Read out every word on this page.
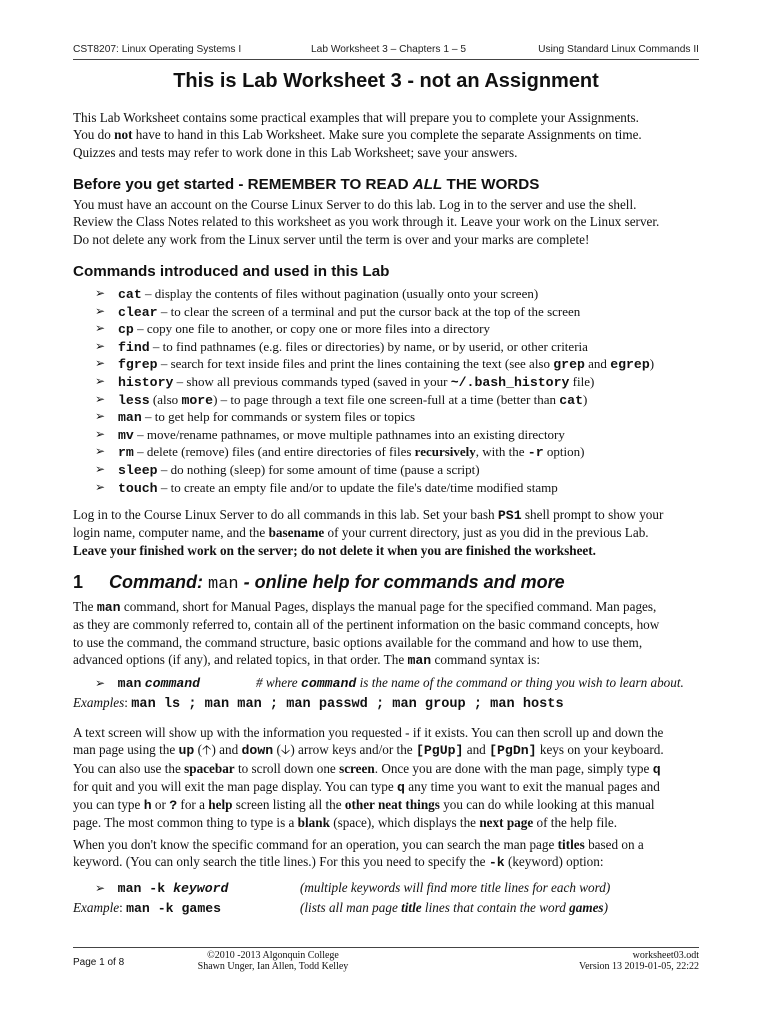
CST8207: Linux Operating Systems I	Lab Worksheet 3 – Chapters 1 – 5	Using Standard Linux Commands II
This is Lab Worksheet 3 - not an Assignment
This Lab Worksheet contains some practical examples that will prepare you to complete your Assignments.
You do not have to hand in this Lab Worksheet. Make sure you complete the separate Assignments on time.
Quizzes and tests may refer to work done in this Lab Worksheet; save your answers.
Before you get started - REMEMBER TO READ ALL THE WORDS
You must have an account on the Course Linux Server to do this lab. Log in to the server and use the shell.
Review the Class Notes related to this worksheet as you work through it. Leave your work on the Linux server.
Do not delete any work from the Linux server until the term is over and your marks are complete!
Commands introduced and used in this Lab
➢ cat – display the contents of files without pagination (usually onto your screen)
➢ clear – to clear the screen of a terminal and put the cursor back at the top of the screen
➢ cp – copy one file to another, or copy one or more files into a directory
➢ find – to find pathnames (e.g. files or directories) by name, or by userid, or other criteria
➢ fgrep – search for text inside files and print the lines containing the text (see also grep and egrep)
➢ history – show all previous commands typed (saved in your ~/.bash_history file)
➢ less (also more) – to page through a text file one screen-full at a time (better than cat)
➢ man – to get help for commands or system files or topics
➢ mv – move/rename pathnames, or move multiple pathnames into an existing directory
➢ rm – delete (remove) files (and entire directories of files recursively, with the -r option)
➢ sleep – do nothing (sleep) for some amount of time (pause a script)
➢ touch – to create an empty file and/or to update the file's date/time modified stamp
Log in to the Course Linux Server to do all commands in this lab. Set your bash PS1 shell prompt to show your
login name, computer name, and the basename of your current directory, just as you did in the previous Lab.
Leave your finished work on the server; do not delete it when you are finished the worksheet.
1 Command: man - online help for commands and more
The man command, short for Manual Pages, displays the manual page for the specified command. Man pages,
as they are commonly referred to, contain all of the pertinent information on the basic command concepts, how
to use the command, the command structure, basic options available for the command and how to use them,
advanced options (if any), and related topics, in that order. The man command syntax is:
➢ man command	# where command is the name of the command or thing you wish to learn about.
Examples: man ls ; man man ; man passwd ; man group ; man hosts
A text screen will show up with the information you requested - if it exists. You can then scroll up and down the
man page using the up (🡡) and down (🡣) arrow keys and/or the [PgUp] and [PgDn] keys on your keyboard.
You can also use the spacebar to scroll down one screen. Once you are done with the man page, simply type q
for quit and you will exit the man page display. You can type q any time you want to exit the manual pages and
you can type h or ? for a help screen listing all the other neat things you can do while looking at this manual
page. The most common thing to type is a blank (space), which displays the next page of the help file.
When you don't know the specific command for an operation, you can search the man page titles based on a
keyword. (You can only search the title lines.) For this you need to specify the -k (keyword) option:
➢ man -k keyword	(multiple keywords will find more title lines for each word)
Example: man -k games	(lists all man page title lines that contain the word games)
Page 1 of 8
©2010 -2013 Algonquin College
Shawn Unger, Ian Allen, Todd Kelley
worksheet03.odt
Version 13 2019-01-05, 22:22
